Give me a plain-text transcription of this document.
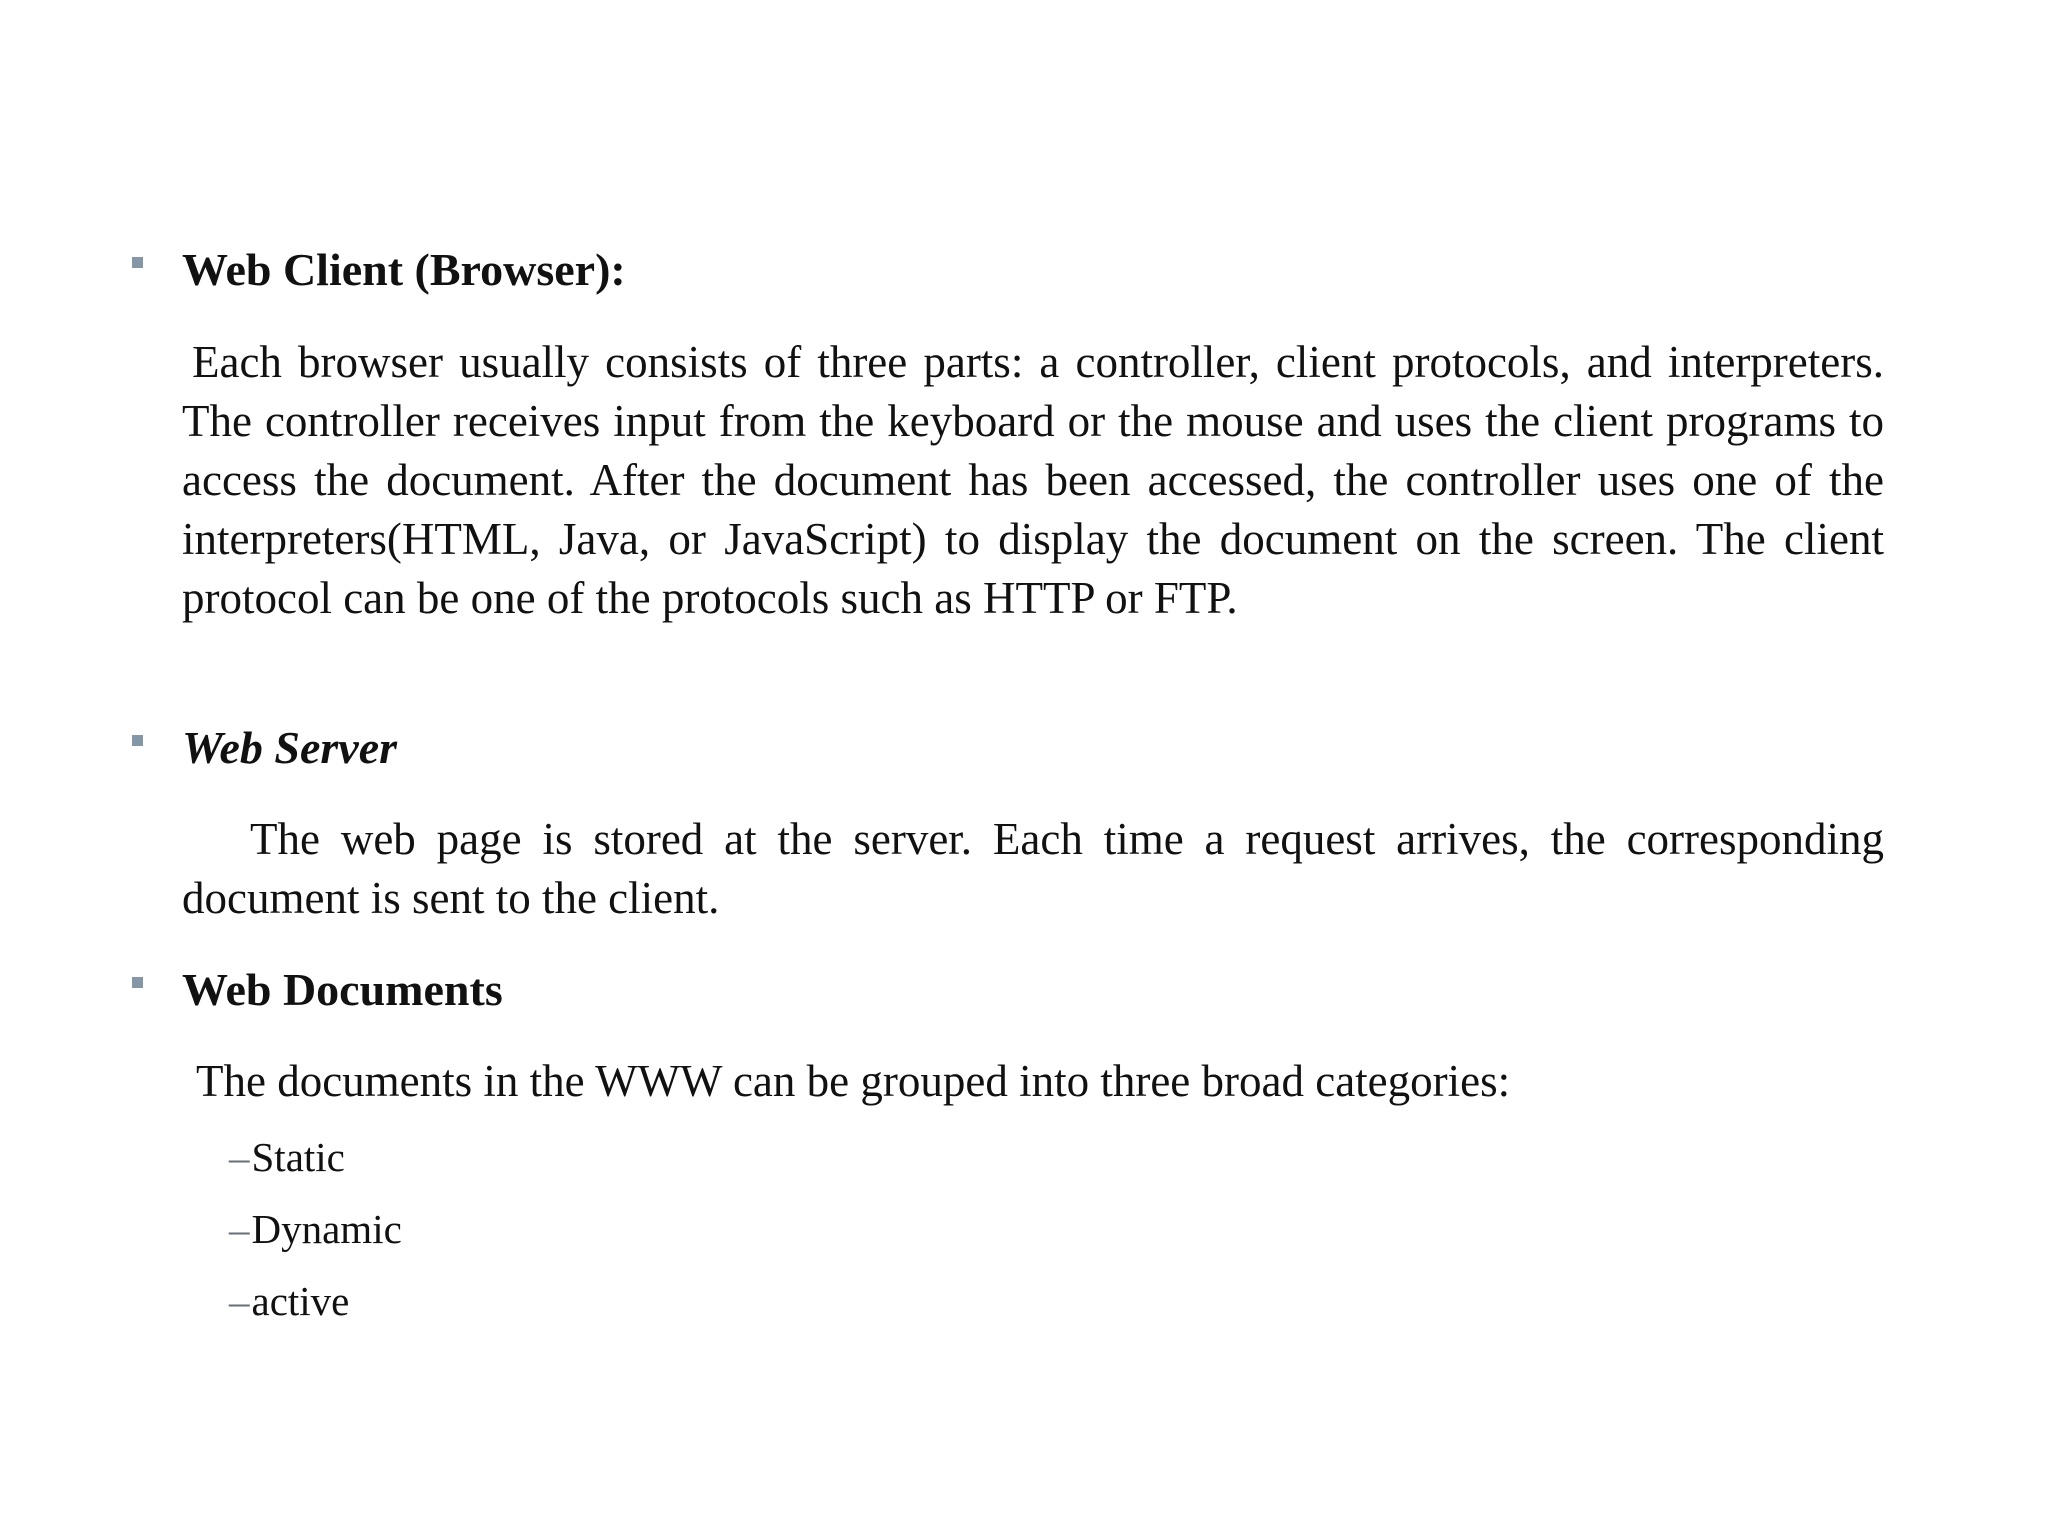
Web Client (Browser):
Each browser usually consists of three parts: a controller, client protocols, and interpreters. The controller receives input from the keyboard or the mouse and uses the client programs to access the document. After the document has been accessed, the controller uses one of the interpreters(HTML, Java, or JavaScript) to display the document on the screen. The client protocol can be one of the protocols such as HTTP or FTP.
Web Server
The web page is stored at the server. Each time a request arrives, the corresponding document is sent to the client.
Web Documents
The documents in the WWW can be grouped into three broad categories:
– Static
– Dynamic
– active
